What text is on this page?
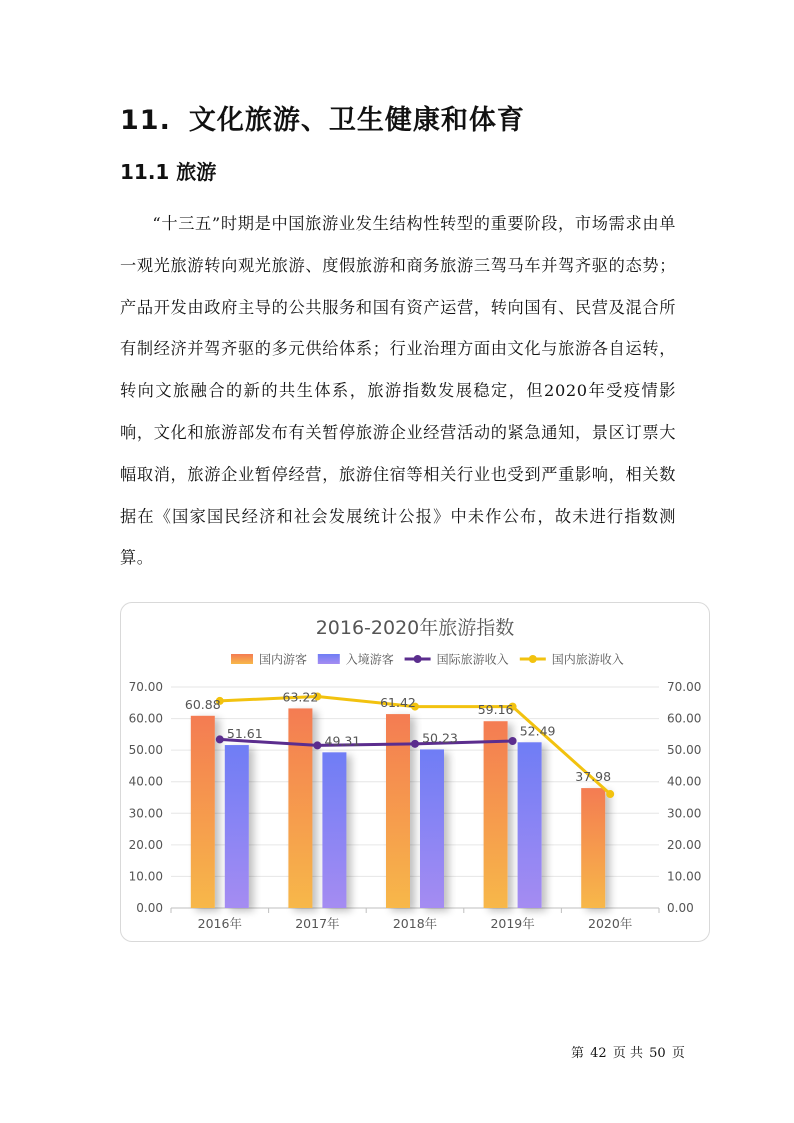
11. 文化旅游、卫生健康和体育
11.1 旅游
“十三五”时期是中国旅游业发生结构性转型的重要阶段，市场需求由单一观光旅游转向观光旅游、度假旅游和商务旅游三驾马车并驾齐驱的态势；产品开发由政府主导的公共服务和国有资产运营，转向国有、民营及混合所有制经济并驾齐驱的多元供给体系；行业治理方面由文化与旅游各自运转，转向文旅融合的新的共生体系，旅游指数发展稳定，但2020年受疫情影响，文化和旅游部发布有关暂停旅游企业经营活动的紧急通知，景区订票大幅取消，旅游企业暂停经营，旅游住宿等相关行业也受到严重影响，相关数据在《国家国民经济和社会发展统计公报》中未作公布，故未进行指数测算。
2016-2020年旅游指数
国内游客	入境游客	国际旅游收入	国内旅游收入
0.00	0.00
10.00	10.00
20.00	20.00
30.00	30.00
40.00	40.00
50.00	50.00
60.00	60.00
70.00	70.00
2016年	2017年	2018年	2019年	2020年
60.88	63.22	61.42	59.16
37.98
51.61	49.31	50.23	52.49
第 42 页 共 50 页
